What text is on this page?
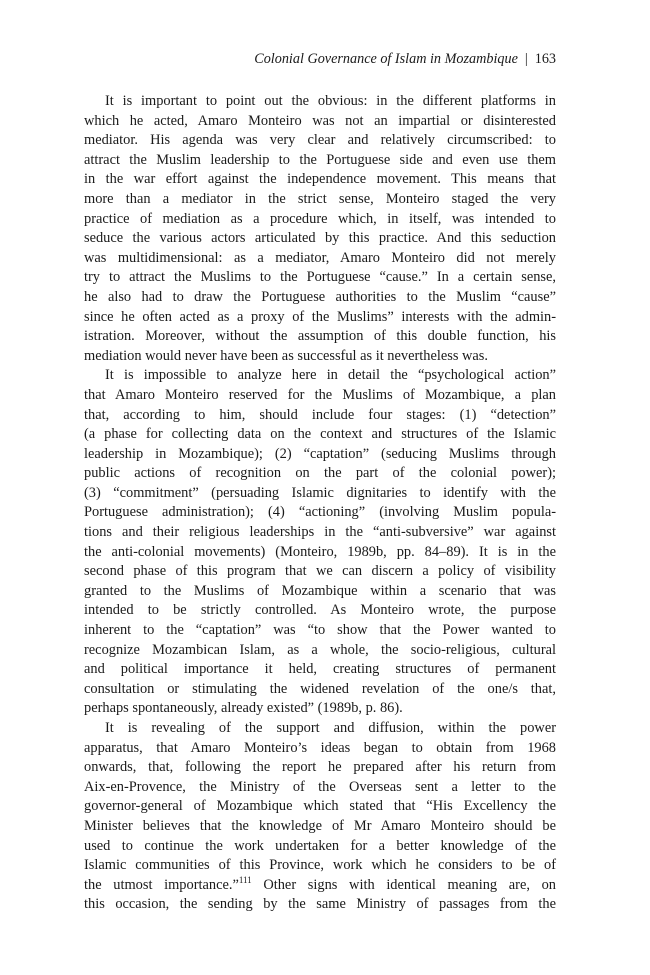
Colonial Governance of Islam in Mozambique | 163
It is important to point out the obvious: in the different platforms in
which he acted, Amaro Monteiro was not an impartial or disinterested
mediator. His agenda was very clear and relatively circumscribed: to
attract the Muslim leadership to the Portuguese side and even use them
in the war effort against the independence movement. This means that
more than a mediator in the strict sense, Monteiro staged the very
practice of mediation as a procedure which, in itself, was intended to
seduce the various actors articulated by this practice. And this seduction
was multidimensional: as a mediator, Amaro Monteiro did not merely
try to attract the Muslims to the Portuguese “cause.” In a certain sense,
he also had to draw the Portuguese authorities to the Muslim “cause”
since he often acted as a proxy of the Muslims” interests with the admin-
istration. Moreover, without the assumption of this double function, his
mediation would never have been as successful as it nevertheless was.
It is impossible to analyze here in detail the “psychological action”
that Amaro Monteiro reserved for the Muslims of Mozambique, a plan
that, according to him, should include four stages: (1) “detection”
(a phase for collecting data on the context and structures of the Islamic
leadership in Mozambique); (2) “captation” (seducing Muslims through
public actions of recognition on the part of the colonial power);
(3) “commitment” (persuading Islamic dignitaries to identify with the
Portuguese administration); (4) “actioning” (involving Muslim popula-
tions and their religious leaderships in the “anti-subversive” war against
the anti-colonial movements) (Monteiro, 1989b, pp. 84–89). It is in the
second phase of this program that we can discern a policy of visibility
granted to the Muslims of Mozambique within a scenario that was
intended to be strictly controlled. As Monteiro wrote, the purpose
inherent to the “captation” was “to show that the Power wanted to
recognize Mozambican Islam, as a whole, the socio-religious, cultural
and political importance it held, creating structures of permanent
consultation or stimulating the widened revelation of the one/s that,
perhaps spontaneously, already existed” (1989b, p. 86).
It is revealing of the support and diffusion, within the power
apparatus, that Amaro Monteiro’s ideas began to obtain from 1968
onwards, that, following the report he prepared after his return from
Aix-en-Provence, the Ministry of the Overseas sent a letter to the
governor-general of Mozambique which stated that “His Excellency the
Minister believes that the knowledge of Mr Amaro Monteiro should be
used to continue the work undertaken for a better knowledge of the
Islamic communities of this Province, work which he considers to be of
the utmost importance.”$^{111}$ Other signs with identical meaning are, on
this occasion, the sending by the same Ministry of passages from the
